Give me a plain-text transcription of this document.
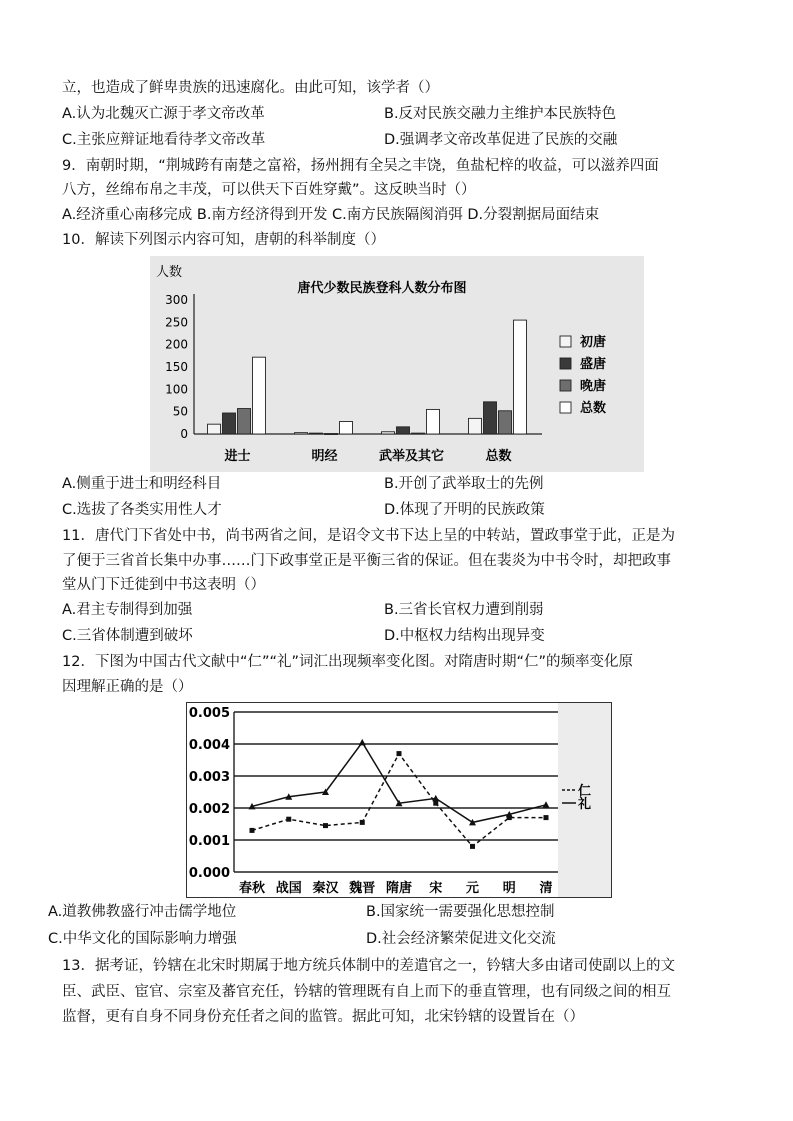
立，也造成了鲜卑贵族的迅速腐化。由此可知，该学者（）
A.认为北魏灭亡源于孝文帝改革	B.反对民族交融力主维护本民族特色
C.主张应辩证地看待孝文帝改革	D.强调孝文帝改革促进了民族的交融
9．南朝时期，“荆城跨有南楚之富裕，扬州拥有全吴之丰饶，鱼盐杞梓的收益，可以滋养四面
八方，丝绵布帛之丰茂，可以供天下百姓穿戴”。这反映当时（）
A.经济重心南移完成 B.南方经济得到开发 C.南方民族隔阂消弭 D.分裂割据局面结束
10．解读下列图示内容可知，唐朝的科举制度（）
唐代少数民族登科人数分布图
人数
0
50
100
150
200
250
300
进士	明经	武举及其它	总数
初唐
盛唐
晚唐
总数
A.侧重于进士和明经科目	B.开创了武举取士的先例
C.选拔了各类实用性人才	D.体现了开明的民族政策
11．唐代门下省处中书，尚书两省之间，是诏令文书下达上呈的中转站，置政事堂于此，正是为
了便于三省首长集中办事……门下政事堂正是平衡三省的保证。但在裴炎为中书令时，却把政事
堂从门下迁徙到中书这表明（）
A.君主专制得到加强	B.三省长官权力遭到削弱
C.三省体制遭到破坏	D.中枢权力结构出现异变
12．下图为中国古代文献中“仁”“礼”词汇出现频率变化图。对隋唐时期“仁”的频率变化原
因理解正确的是（）
0.000
0.001
0.002
0.003
0.004
0.005
春秋 战国 秦汉 魏晋 隋唐 宋 元 明 清
仁
礼
A.道教佛教盛行冲击儒学地位	B.国家统一需要强化思想控制
C.中华文化的国际影响力增强	D.社会经济繁荣促进文化交流
13．据考证，钤辖在北宋时期属于地方统兵体制中的差遣官之一，钤辖大多由诸司使副以上的文
臣、武臣、宦官、宗室及蕃官充任，钤辖的管理既有自上而下的垂直管理，也有同级之间的相互
监督，更有自身不同身份充任者之间的监管。据此可知，北宋钤辖的设置旨在（）
